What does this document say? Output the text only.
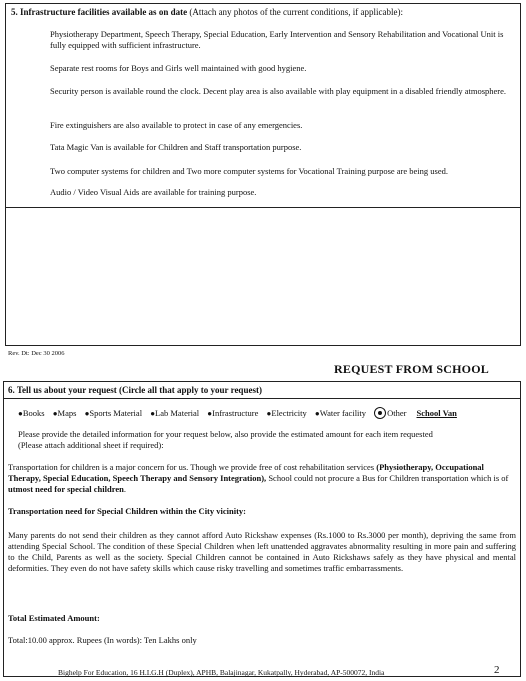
5. Infrastructure facilities available as on date (Attach any photos of the current conditions, if applicable):
Physiotherapy Department, Speech Therapy, Special Education, Early Intervention and Sensory Rehabilitation and Vocational Unit is fully equipped with sufficient infrastructure.
Separate rest rooms for Boys and Girls well maintained with good hygiene.
Security person is available round the clock. Decent play area is also available with play equipment in a disabled friendly atmosphere.
Fire extinguishers are also available to protect in case of any emergencies.
Tata Magic Van is available for Children and Staff transportation purpose.
Two computer systems for children and Two more computer systems for Vocational Training purpose are being used.
Audio / Video Visual Aids are available for training purpose.
Rev. Dt: Dec 30 2006
REQUEST FROM SCHOOL
6. Tell us about your request (Circle all that apply to your request)
●Books ●Maps ●Sports Material ●Lab Material ●Infrastructure ●Electricity ●Water facility ○Other School Van
Please provide the detailed information for your request below, also provide the estimated amount for each item requested
(Please attach additional sheet if required):
Transportation for children is a major concern for us. Though we provide free of cost rehabilitation services (Physiotherapy, Occupational Therapy, Special Education, Speech Therapy and Sensory Integration), School could not procure a Bus for Children transportation which is of utmost need for special children.
Transportation need for Special Children within the City vicinity:
Many parents do not send their children as they cannot afford Auto Rickshaw expenses (Rs.1000 to Rs.3000 per month), depriving the same from attending Special School. The condition of these Special Children when left unattended aggravates abnormality resulting in more pain and suffering to the Child, Parents as well as the society. Special Children cannot be contained in Auto Rickshaws safely as they have physical and mental deformities. They even do not have safety skills which cause risky travelling and sometimes traffic embarrassments.
Total Estimated Amount:
Total:10.00 approx. Rupees (In words): Ten Lakhs only
Bighelp For Education, 16 H.I.G.H (Duplex), APHB, Balajinagar, Kukatpally, Hyderabad, AP-500072, India	2
